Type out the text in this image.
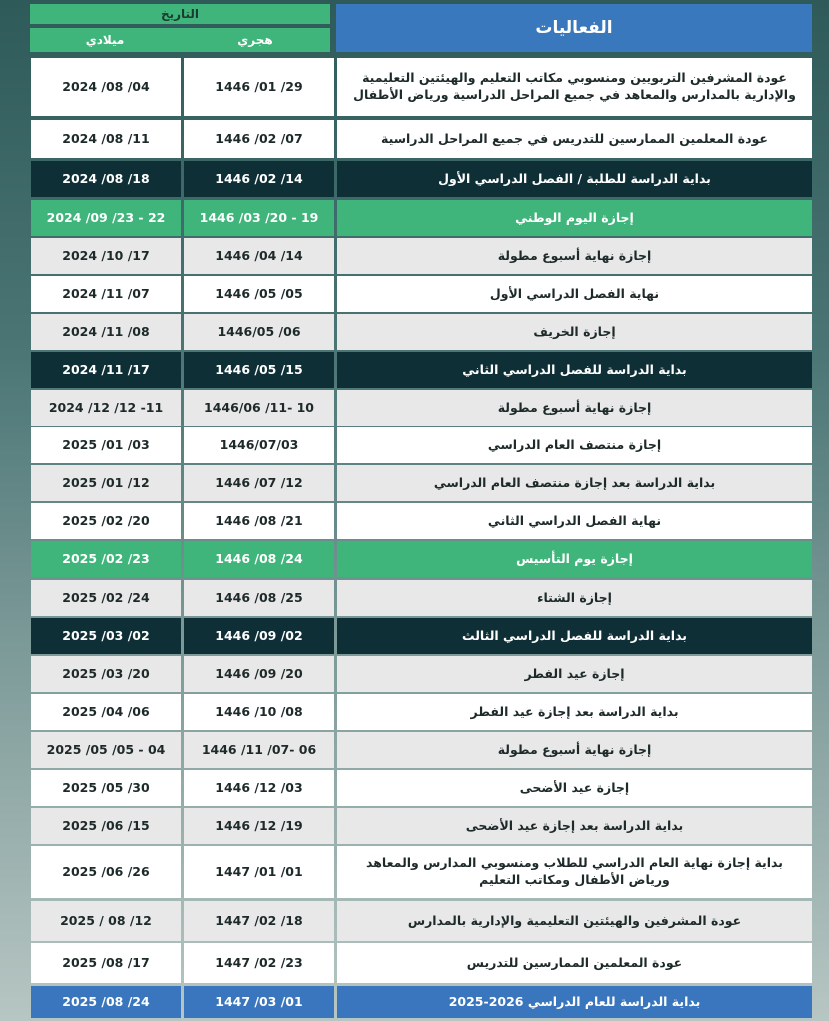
الفعاليات
التاريخ
هجري
ميلادي
عودة المشرفين التربويين ومنسوبي مكاتب التعليم والهيئتين التعليمية والإدارية بالمدارس والمعاهد في جميع المراحل الدراسية ورياض الأطفال
1446 /01 /29
2024 /08 /04
عودة المعلمين الممارسين للتدريس في جميع المراحل الدراسية
1446 /02 /07
2024 /08 /11
بداية الدراسة للطلبة / الفصل الدراسي الأول
1446 /02 /14
2024 /08 /18
إجازة اليوم الوطني
1446 /03 /20 - 19
2024 /09 /23 - 22
إجازة نهاية أسبوع مطولة
1446 /04 /14
2024 /10 /17
نهاية الفصل الدراسي الأول
1446 /05 /05
2024 /11 /07
إجازة الخريف
1446/05 /06
2024 /11 /08
بداية الدراسة للفصل الدراسي الثاني
1446 /05 /15
2024 /11 /17
إجازة نهاية أسبوع مطولة
1446/06 /11- 10
2024 /12 /12 -11
إجازة منتصف العام الدراسي
1446/07/03
2025 /01 /03
بداية الدراسة بعد إجازة منتصف العام الدراسي
1446 /07 /12
2025 /01 /12
نهاية الفصل الدراسي الثاني
1446 /08 /21
2025 /02 /20
إجازة يوم التأسيس
1446 /08 /24
2025 /02 /23
إجازة الشتاء
1446 /08 /25
2025 /02 /24
بداية الدراسة للفصل الدراسي الثالث
1446 /09 /02
2025 /03 /02
إجازة عيد الفطر
1446 /09 /20
2025 /03 /20
بداية الدراسة بعد إجازة عيد الفطر
1446 /10 /08
2025 /04 /06
إجازة نهاية أسبوع مطولة
1446 /11 /07- 06
2025 /05 /05 - 04
إجازة عيد الأضحى
1446 /12 /03
2025 /05 /30
بداية الدراسة بعد إجازة عيد الأضحى
1446 /12 /19
2025 /06 /15
بداية إجازة نهاية العام الدراسي للطلاب ومنسوبي المدارس والمعاهد ورياض الأطفال ومكاتب التعليم
1447 /01 /01
2025 /06 /26
عودة المشرفين والهيئتين التعليمية والإدارية بالمدارس
1447 /02 /18
2025 / 08 /12
عودة المعلمين الممارسين للتدريس
1447 /02 /23
2025 /08 /17
بداية الدراسة للعام الدراسي 2026-2025
1447 /03 /01
2025 /08 /24
